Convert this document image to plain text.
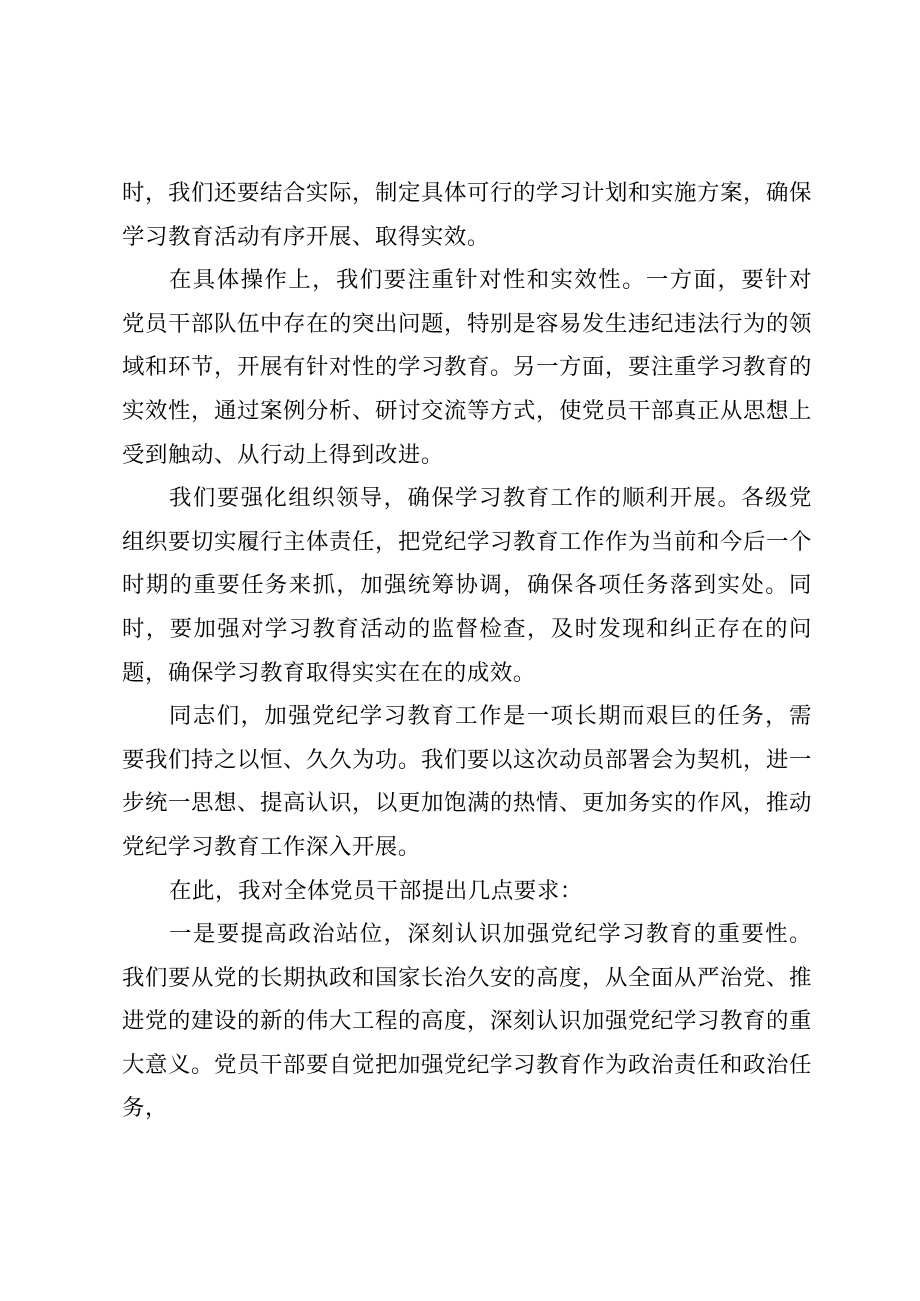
时，我们还要结合实际，制定具体可行的学习计划和实施方案，确保学习教育活动有序开展、取得实效。

在具体操作上，我们要注重针对性和实效性。一方面，要针对党员干部队伍中存在的突出问题，特别是容易发生违纪违法行为的领域和环节，开展有针对性的学习教育。另一方面，要注重学习教育的实效性，通过案例分析、研讨交流等方式，使党员干部真正从思想上受到触动、从行动上得到改进。

我们要强化组织领导，确保学习教育工作的顺利开展。各级党组织要切实履行主体责任，把党纪学习教育工作作为当前和今后一个时期的重要任务来抓，加强统筹协调，确保各项任务落到实处。同时，要加强对学习教育活动的监督检查，及时发现和纠正存在的问题，确保学习教育取得实实在在的成效。

同志们，加强党纪学习教育工作是一项长期而艰巨的任务，需要我们持之以恒、久久为功。我们要以这次动员部署会为契机，进一步统一思想、提高认识，以更加饱满的热情、更加务实的作风，推动党纪学习教育工作深入开展。

在此，我对全体党员干部提出几点要求：

一是要提高政治站位，深刻认识加强党纪学习教育的重要性。我们要从党的长期执政和国家长治久安的高度，从全面从严治党、推进党的建设的新的伟大工程的高度，深刻认识加强党纪学习教育的重大意义。党员干部要自觉把加强党纪学习教育作为政治责任和政治任务，
